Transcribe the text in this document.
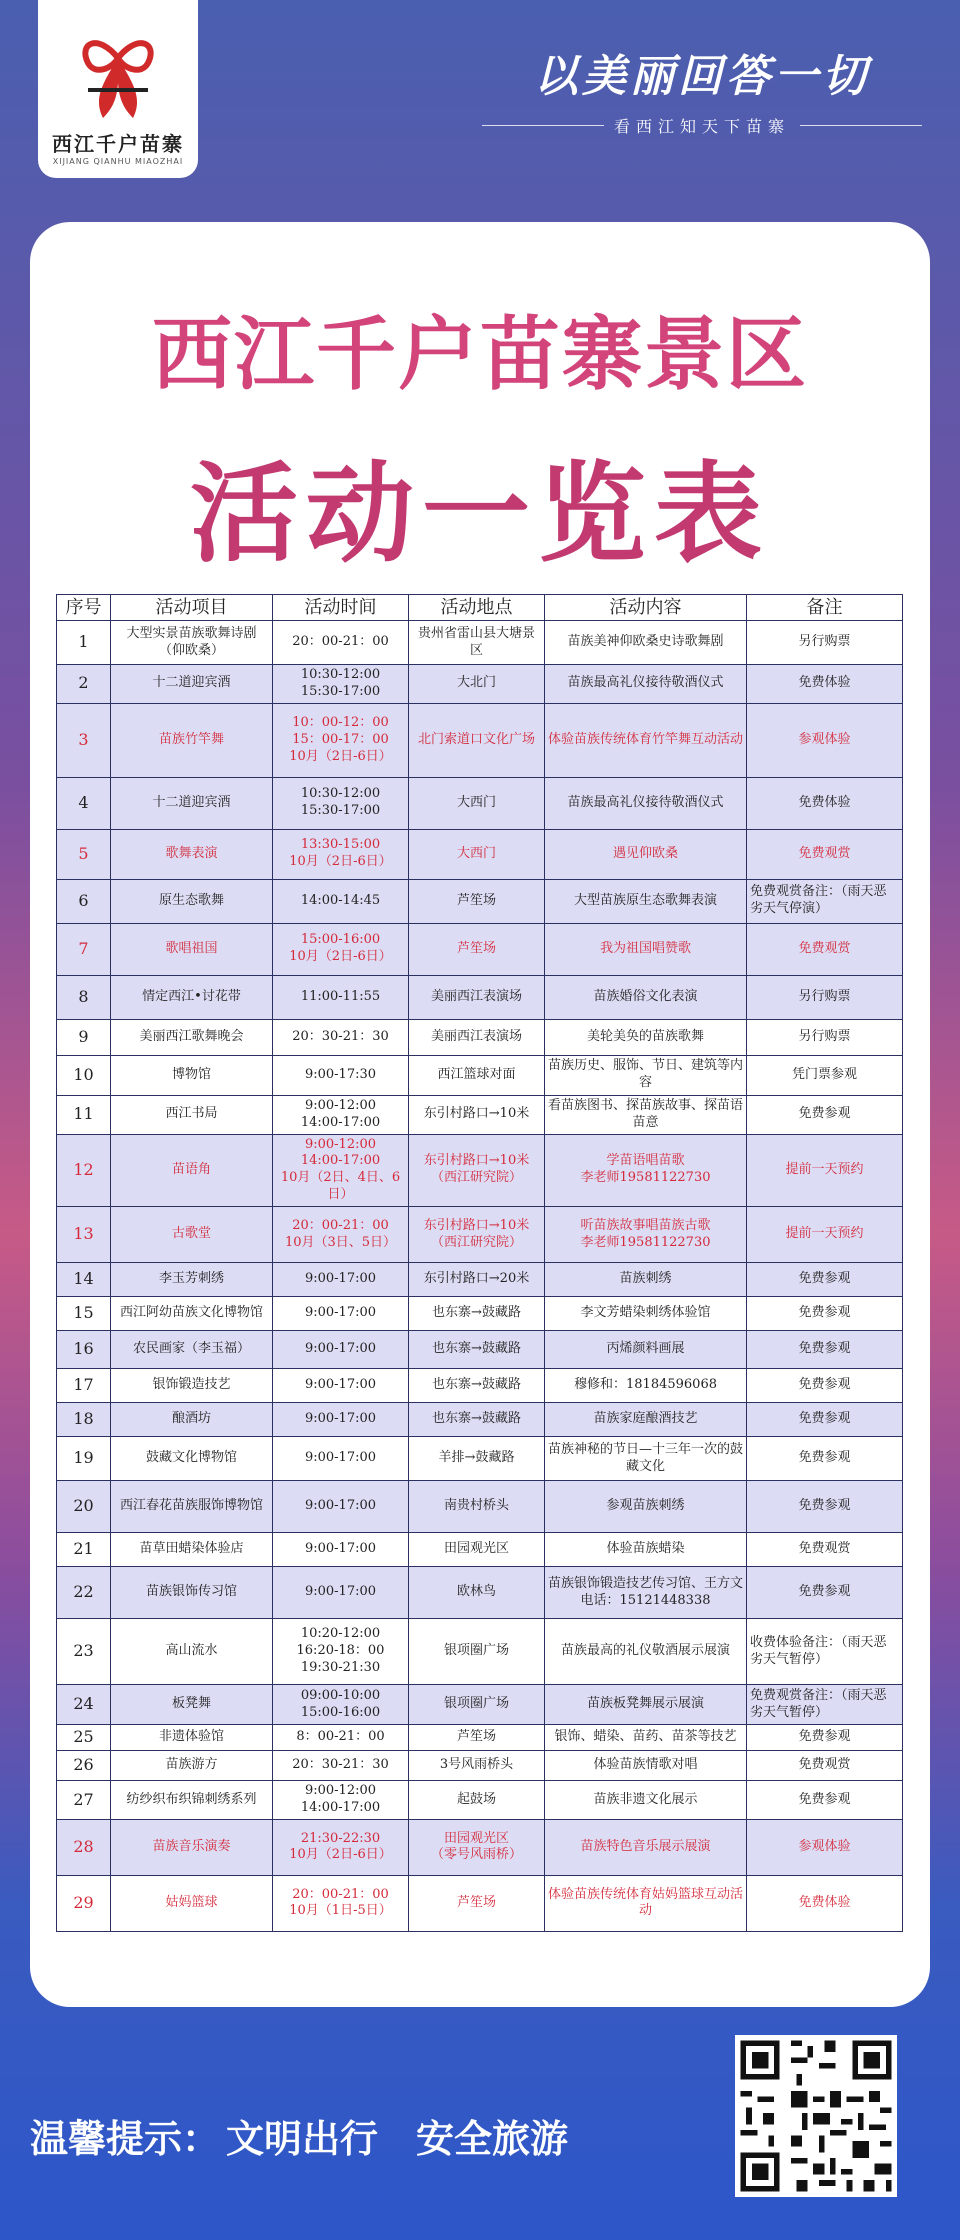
西江千户苗寨
XIJIANG QIANHU MIAOZHAI
以美丽回答一切
看西江知天下苗寨
西江千户苗寨景区
活动一览表
序号	活动项目	活动时间	活动地点	活动内容	备注
1	大型实景苗族歌舞诗剧（仰欧桑）	20：00-21：00	贵州省雷山县大塘景区	苗族美神仰欧桑史诗歌舞剧	另行购票
2	十二道迎宾酒	10:30-12:00
15:30-17:00	大北门	苗族最高礼仪接待敬酒仪式	免费体验
3	苗族竹竿舞	10：00-12：00
15：00-17：00
10月（2日-6日）	北门索道口文化广场	体验苗族传统体育竹竿舞互动活动	参观体验
4	十二道迎宾酒	10:30-12:00
15:30-17:00	大西门	苗族最高礼仪接待敬酒仪式	免费体验
5	歌舞表演	13:30-15:00
10月（2日-6日）	大西门	遇见仰欧桑	免费观赏
6	原生态歌舞	14:00-14:45	芦笙场	大型苗族原生态歌舞表演	免费观赏备注：（雨天恶劣天气停演）
7	歌唱祖国	15:00-16:00
10月（2日-6日）	芦笙场	我为祖国唱赞歌	免费观赏
8	情定西江•讨花带	11:00-11:55	美丽西江表演场	苗族婚俗文化表演	另行购票
9	美丽西江歌舞晚会	20：30-21：30	美丽西江表演场	美轮美奂的苗族歌舞	另行购票
10	博物馆	9:00-17:30	西江篮球对面	苗族历史、服饰、节日、建筑等内容	凭门票参观
11	西江书局	9:00-12:00
14:00-17:00	东引村路口→10米	看苗族图书、探苗族故事、探苗语苗意	免费参观
12	苗语角	9:00-12:00
14:00-17:00
10月（2日、4日、6日）	东引村路口→10米
（西江研究院）	学苗语唱苗歌
李老师19581122730	提前一天预约
13	古歌堂	20：00-21：00
10月（3日、5日）	东引村路口→10米
（西江研究院）	听苗族故事唱苗族古歌
李老师19581122730	提前一天预约
14	李玉芳刺绣	9:00-17:00	东引村路口→20米	苗族刺绣	免费参观
15	西江阿幼苗族文化博物馆	9:00-17:00	也东寨→鼓藏路	李文芳蜡染刺绣体验馆	免费参观
16	农民画家（李玉福）	9:00-17:00	也东寨→鼓藏路	丙烯颜料画展	免费参观
17	银饰锻造技艺	9:00-17:00	也东寨→鼓藏路	穆修和：18184596068	免费参观
18	酿酒坊	9:00-17:00	也东寨→鼓藏路	苗族家庭酿酒技艺	免费参观
19	鼓藏文化博物馆	9:00-17:00	羊排→鼓藏路	苗族神秘的节日—十三年一次的鼓藏文化	免费参观
20	西江春花苗族服饰博物馆	9:00-17:00	南贵村桥头	参观苗族刺绣	免费参观
21	苗草田蜡染体验店	9:00-17:00	田园观光区	体验苗族蜡染	免费观赏
22	苗族银饰传习馆	9:00-17:00	欧林鸟	苗族银饰锻造技艺传习馆、王方文电话：15121448338	免费参观
23	高山流水	10:20-12:00
16:20-18：00
19:30-21:30	银项圈广场	苗族最高的礼仪敬酒展示展演	收费体验备注：（雨天恶劣天气暂停）
24	板凳舞	09:00-10:00
15:00-16:00	银项圈广场	苗族板凳舞展示展演	免费观赏备注：（雨天恶劣天气暂停）
25	非遗体验馆	8：00-21：00	芦笙场	银饰、蜡染、苗药、苗茶等技艺	免费参观
26	苗族游方	20：30-21：30	3号风雨桥头	体验苗族情歌对唱	免费观赏
27	纺纱织布织锦刺绣系列	9:00-12:00
14:00-17:00	起鼓场	苗族非遗文化展示	免费参观
28	苗族音乐演奏	21:30-22:30
10月（2日-6日）	田园观光区
（零号风雨桥）	苗族特色音乐展示展演	参观体验
29	姑妈篮球	20：00-21：00
10月（1日-5日）	芦笙场	体验苗族传统体育姑妈篮球互动活动	免费体验
温馨提示： 文明出行 安全旅游
